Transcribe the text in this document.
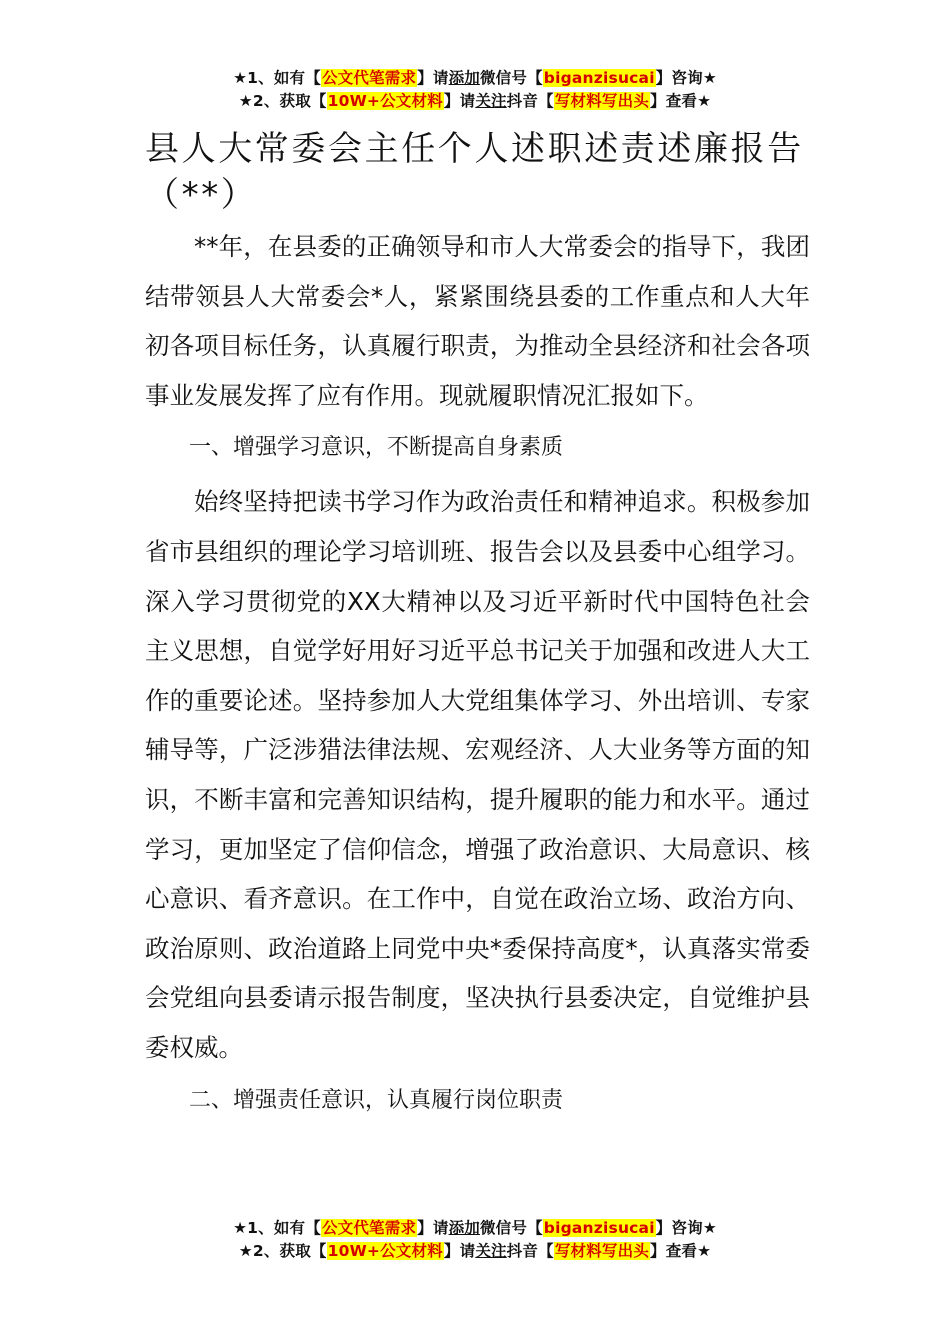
★1、如有【公文代笔需求】请添加微信号【biganzisucai】咨询★
★2、获取【10W+公文材料】请关注抖音【写材料写出头】查看★
县人大常委会主任个人述职述责述廉报告（**）

**年，在县委的正确领导和市人大常委会的指导下，我团结带领县人大常委会*人，紧紧围绕县委的工作重点和人大年初各项目标任务，认真履行职责，为推动全县经济和社会各项事业发展发挥了应有作用。现就履职情况汇报如下。

一、增强学习意识，不断提高自身素质

始终坚持把读书学习作为政治责任和精神追求。积极参加省市县组织的理论学习培训班、报告会以及县委中心组学习。深入学习贯彻党的XX大精神以及习近平新时代中国特色社会主义思想，自觉学好用好习近平总书记关于加强和改进人大工作的重要论述。坚持参加人大党组集体学习、外出培训、专家辅导等，广泛涉猎法律法规、宏观经济、人大业务等方面的知识，不断丰富和完善知识结构，提升履职的能力和水平。通过学习，更加坚定了信仰信念，增强了政治意识、大局意识、核心意识、看齐意识。在工作中，自觉在政治立场、政治方向、政治原则、政治道路上同党中央*委保持高度*，认真落实常委会党组向县委请示报告制度，坚决执行县委决定，自觉维护县委权威。

二、增强责任意识，认真履行岗位职责

★1、如有【公文代笔需求】请添加微信号【biganzisucai】咨询★
★2、获取【10W+公文材料】请关注抖音【写材料写出头】查看★
